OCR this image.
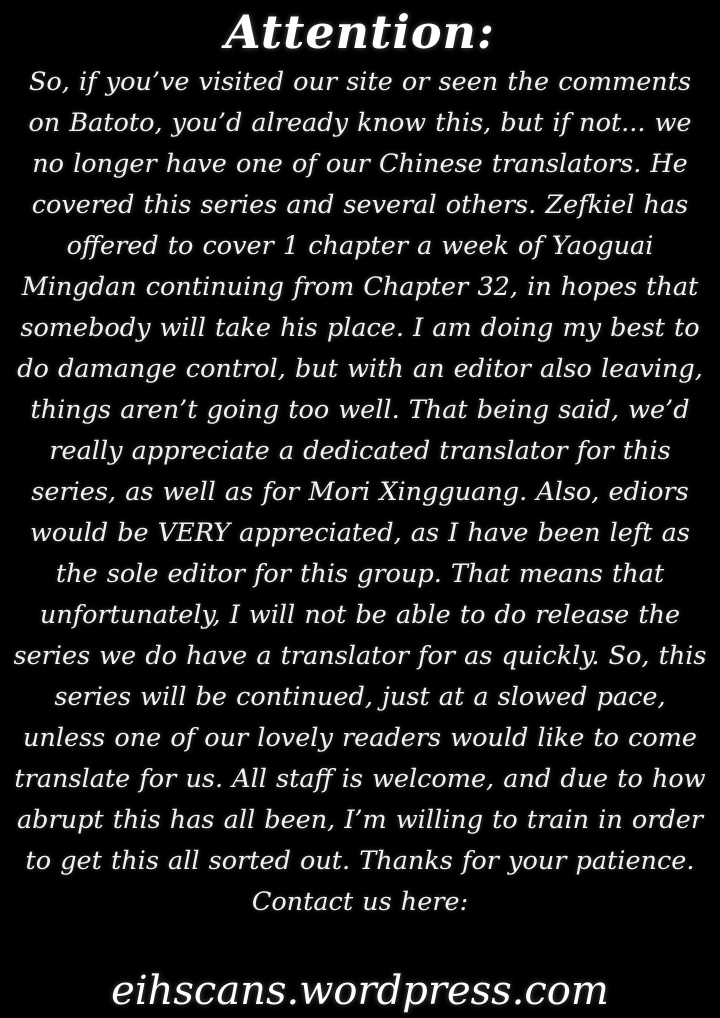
Attention:
So, if you’ve visited our site or seen the comments on Batoto, you’d already know this, but if not... we no longer have one of our Chinese translators. He covered this series and several others. Zefkiel has offered to cover 1 chapter a week of Yaoguai Mingdan continuing from Chapter 32, in hopes that somebody will take his place. I am doing my best to do damange control, but with an editor also leaving, things aren’t going too well. That being said, we’d really appreciate a dedicated translator for this series, as well as for Mori Xingguang. Also, ediors would be VERY appreciated, as I have been left as the sole editor for this group. That means that unfortunately, I will not be able to do release the series we do have a translator for as quickly. So, this series will be continued, just at a slowed pace, unless one of our lovely readers would like to come translate for us. All staff is welcome, and due to how abrupt this has all been, I’m willing to train in order to get this all sorted out. Thanks for your patience. Contact us here:
eihscans.wordpress.com
